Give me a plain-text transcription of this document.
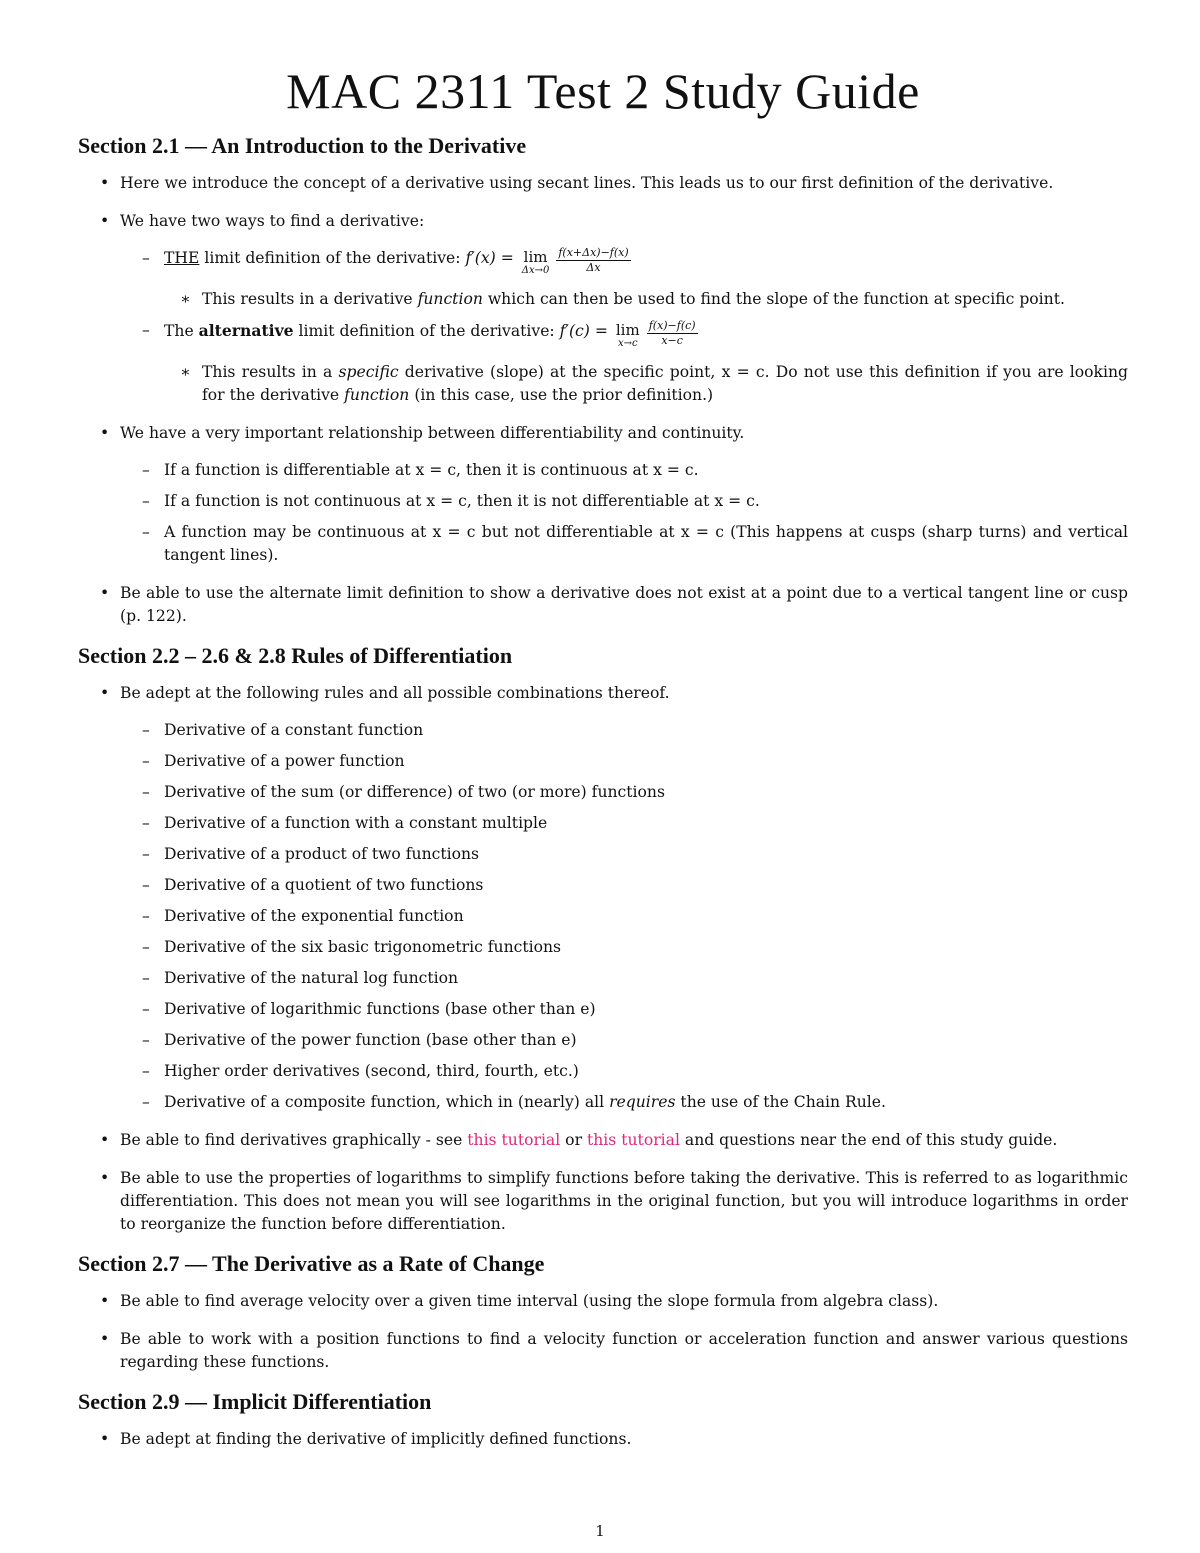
MAC 2311 Test 2 Study Guide
Section 2.1 — An Introduction to the Derivative
• Here we introduce the concept of a derivative using secant lines. This leads us to our first definition of the derivative.
• We have two ways to find a derivative:
– THE limit definition of the derivative: f′(x) = lim
$\Delta x\to 0 \frac{f(x+\Delta x)-f(x)}{\Delta x}$
∗ This results in a derivative function which can then be used to find the slope of the function at specific point.
– The alternative limit definition of the derivative: f′(c) = lim
$x\to c \frac{f(x)-f(c)}{x-c}$
∗ This results in a specific derivative (slope) at the specific point, x = c. Do not use this definition if you are looking for the derivative function (in this case, use the prior definition.)
• We have a very important relationship between differentiability and continuity.
– If a function is differentiable at x = c, then it is continuous at x = c.
– If a function is not continuous at x = c, then it is not differentiable at x = c.
– A function may be continuous at x = c but not differentiable at x = c (This happens at cusps (sharp turns) and vertical tangent lines).
• Be able to use the alternate limit definition to show a derivative does not exist at a point due to a vertical tangent line or cusp (p. 122).
Section 2.2 – 2.6 & 2.8 Rules of Differentiation
• Be adept at the following rules and all possible combinations thereof.
– Derivative of a constant function
– Derivative of a power function
– Derivative of the sum (or difference) of two (or more) functions
– Derivative of a function with a constant multiple
– Derivative of a product of two functions
– Derivative of a quotient of two functions
– Derivative of the exponential function
– Derivative of the six basic trigonometric functions
– Derivative of the natural log function
– Derivative of logarithmic functions (base other than e)
– Derivative of the power function (base other than e)
– Higher order derivatives (second, third, fourth, etc.)
– Derivative of a composite function, which in (nearly) all requires the use of the Chain Rule.
• Be able to find derivatives graphically - see this tutorial or this tutorial and questions near the end of this study guide.
• Be able to use the properties of logarithms to simplify functions before taking the derivative. This is referred to as logarithmic differentiation. This does not mean you will see logarithms in the original function, but you will introduce logarithms in order to reorganize the function before differentiation.
Section 2.7 — The Derivative as a Rate of Change
• Be able to find average velocity over a given time interval (using the slope formula from algebra class).
• Be able to work with a position functions to find a velocity function or acceleration function and answer various questions regarding these functions.
Section 2.9 — Implicit Differentiation
• Be adept at finding the derivative of implicitly defined functions.
1
